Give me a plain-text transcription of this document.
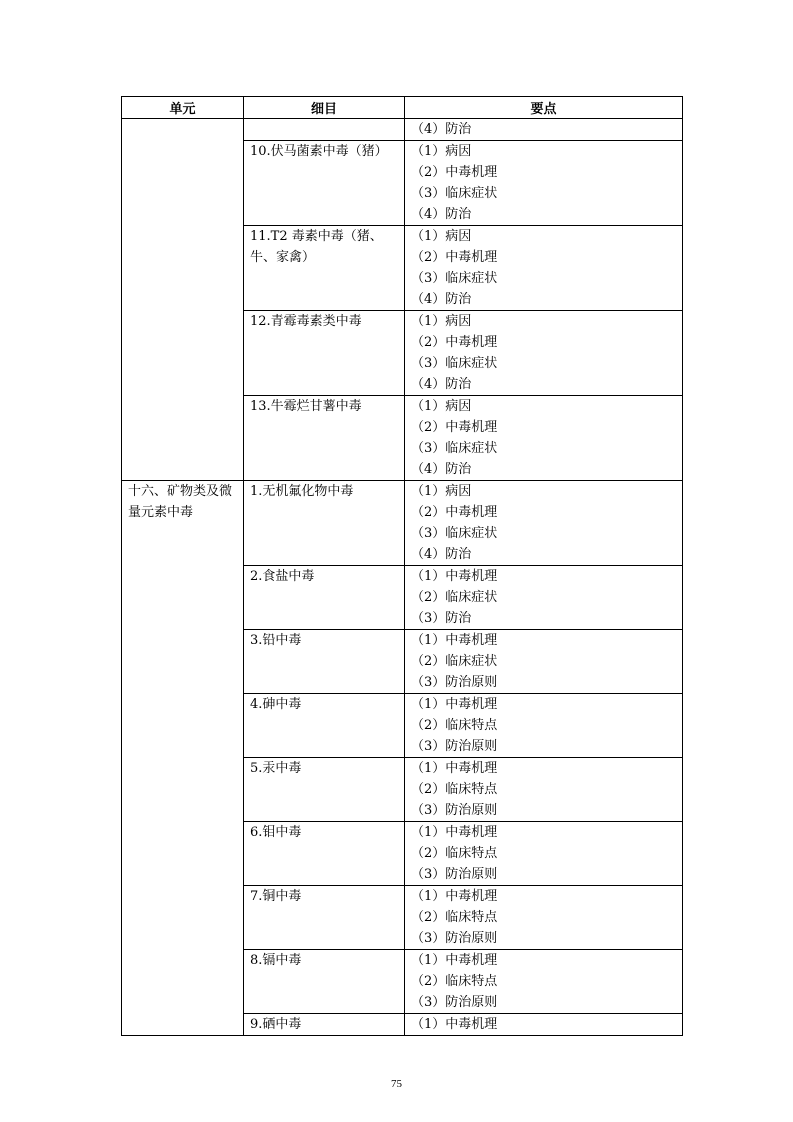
单元	细目	要点

		（4）防治

	10.伏马菌素中毒（猪）	（1）病因
（2）中毒机理
（3）临床症状
（4）防治

	11.T2 毒素中毒（猪、牛、家禽）	（1）病因
（2）中毒机理
（3）临床症状
（4）防治

	12.青霉毒素类中毒	（1）病因
（2）中毒机理
（3）临床症状
（4）防治

	13.牛霉烂甘薯中毒	（1）病因
（2）中毒机理
（3）临床症状
（4）防治

十六、矿物类及微量元素中毒	1.无机氟化物中毒	（1）病因
（2）中毒机理
（3）临床症状
（4）防治

	2.食盐中毒	（1）中毒机理
（2）临床症状
（3）防治

	3.铅中毒	（1）中毒机理
（2）临床症状
（3）防治原则

	4.砷中毒	（1）中毒机理
（2）临床特点
（3）防治原则

	5.汞中毒	（1）中毒机理
（2）临床特点
（3）防治原则

	6.钼中毒	（1）中毒机理
（2）临床特点
（3）防治原则

	7.铜中毒	（1）中毒机理
（2）临床特点
（3）防治原则

	8.镉中毒	（1）中毒机理
（2）临床特点
（3）防治原则

	9.硒中毒	（1）中毒机理
75
